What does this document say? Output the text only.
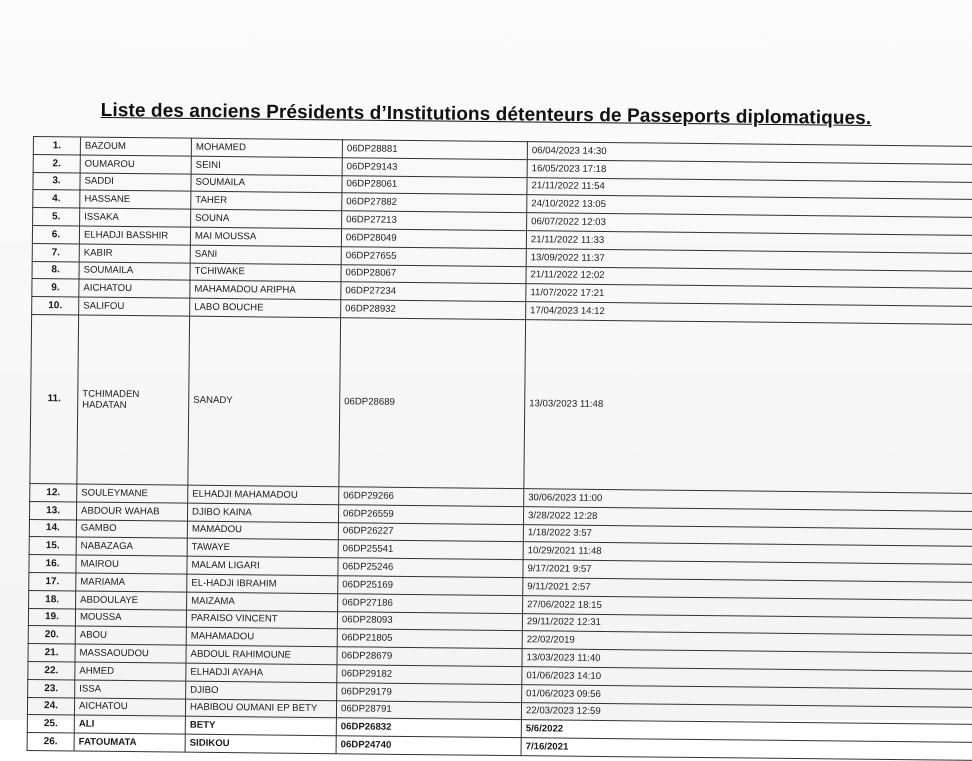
Liste des anciens Présidents d’Institutions détenteurs de Passeports diplomatiques.
1.	BAZOUM	MOHAMED	06DP28881	06/04/2023 14:30	
2.	OUMAROU	SEINI	06DP29143	16/05/2023 17:18	
3.	SADDI	SOUMAILA	06DP28061	21/11/2022 11:54	
4.	HASSANE	TAHER	06DP27882	24/10/2022 13:05	
5.	ISSAKA	SOUNA	06DP27213	06/07/2022 12:03	
6.	ELHADJI BASSHIR	MAI MOUSSA	06DP28049	21/11/2022 11:33	
7.	KABIR	SANI	06DP27655	13/09/2022 11:37	
8.	SOUMAILA	TCHIWAKE	06DP28067	21/11/2022 12:02	
9.	AICHATOU	MAHAMADOU ARIPHA	06DP27234	11/07/2022 17:21	
10.	SALIFOU	LABO BOUCHE	06DP28932	17/04/2023 14:12	
11.	TCHIMADEN HADATAN	SANADY	06DP28689	13/03/2023 11:48	
12.	SOULEYMANE	ELHADJI MAHAMADOU	06DP29266	30/06/2023 11:00	
13.	ABDOUR WAHAB	DJIBO KAINA	06DP26559	3/28/2022 12:28	
14.	GAMBO	MAMADOU	06DP26227	1/18/2022 3:57	
15.	NABAZAGA	TAWAYE	06DP25541	10/29/2021 11:48	
16.	MAIROU	MALAM LIGARI	06DP25246	9/17/2021 9:57	
17.	MARIAMA	EL-HADJI IBRAHIM	06DP25169	9/11/2021 2:57	
18.	ABDOULAYE	MAIZAMA	06DP27186	27/06/2022 18:15	
19.	MOUSSA	PARAISO VINCENT	06DP28093	29/11/2022 12:31	
20.	ABOU	MAHAMADOU	06DP21805	22/02/2019	
21.	MASSAOUDOU	ABDOUL RAHIMOUNE	06DP28679	13/03/2023 11:40	
22.	AHMED	ELHADJI AYAHA	06DP29182	01/06/2023 14:10	
23.	ISSA	DJIBO	06DP29179	01/06/2023 09:56	
24.	AICHATOU	HABIBOU OUMANI EP BETY	06DP28791	22/03/2023 12:59	
25.	ALI	BETY	06DP26832	5/6/2022	
26.	FATOUMATA	SIDIKOU	06DP24740	7/16/2021	
